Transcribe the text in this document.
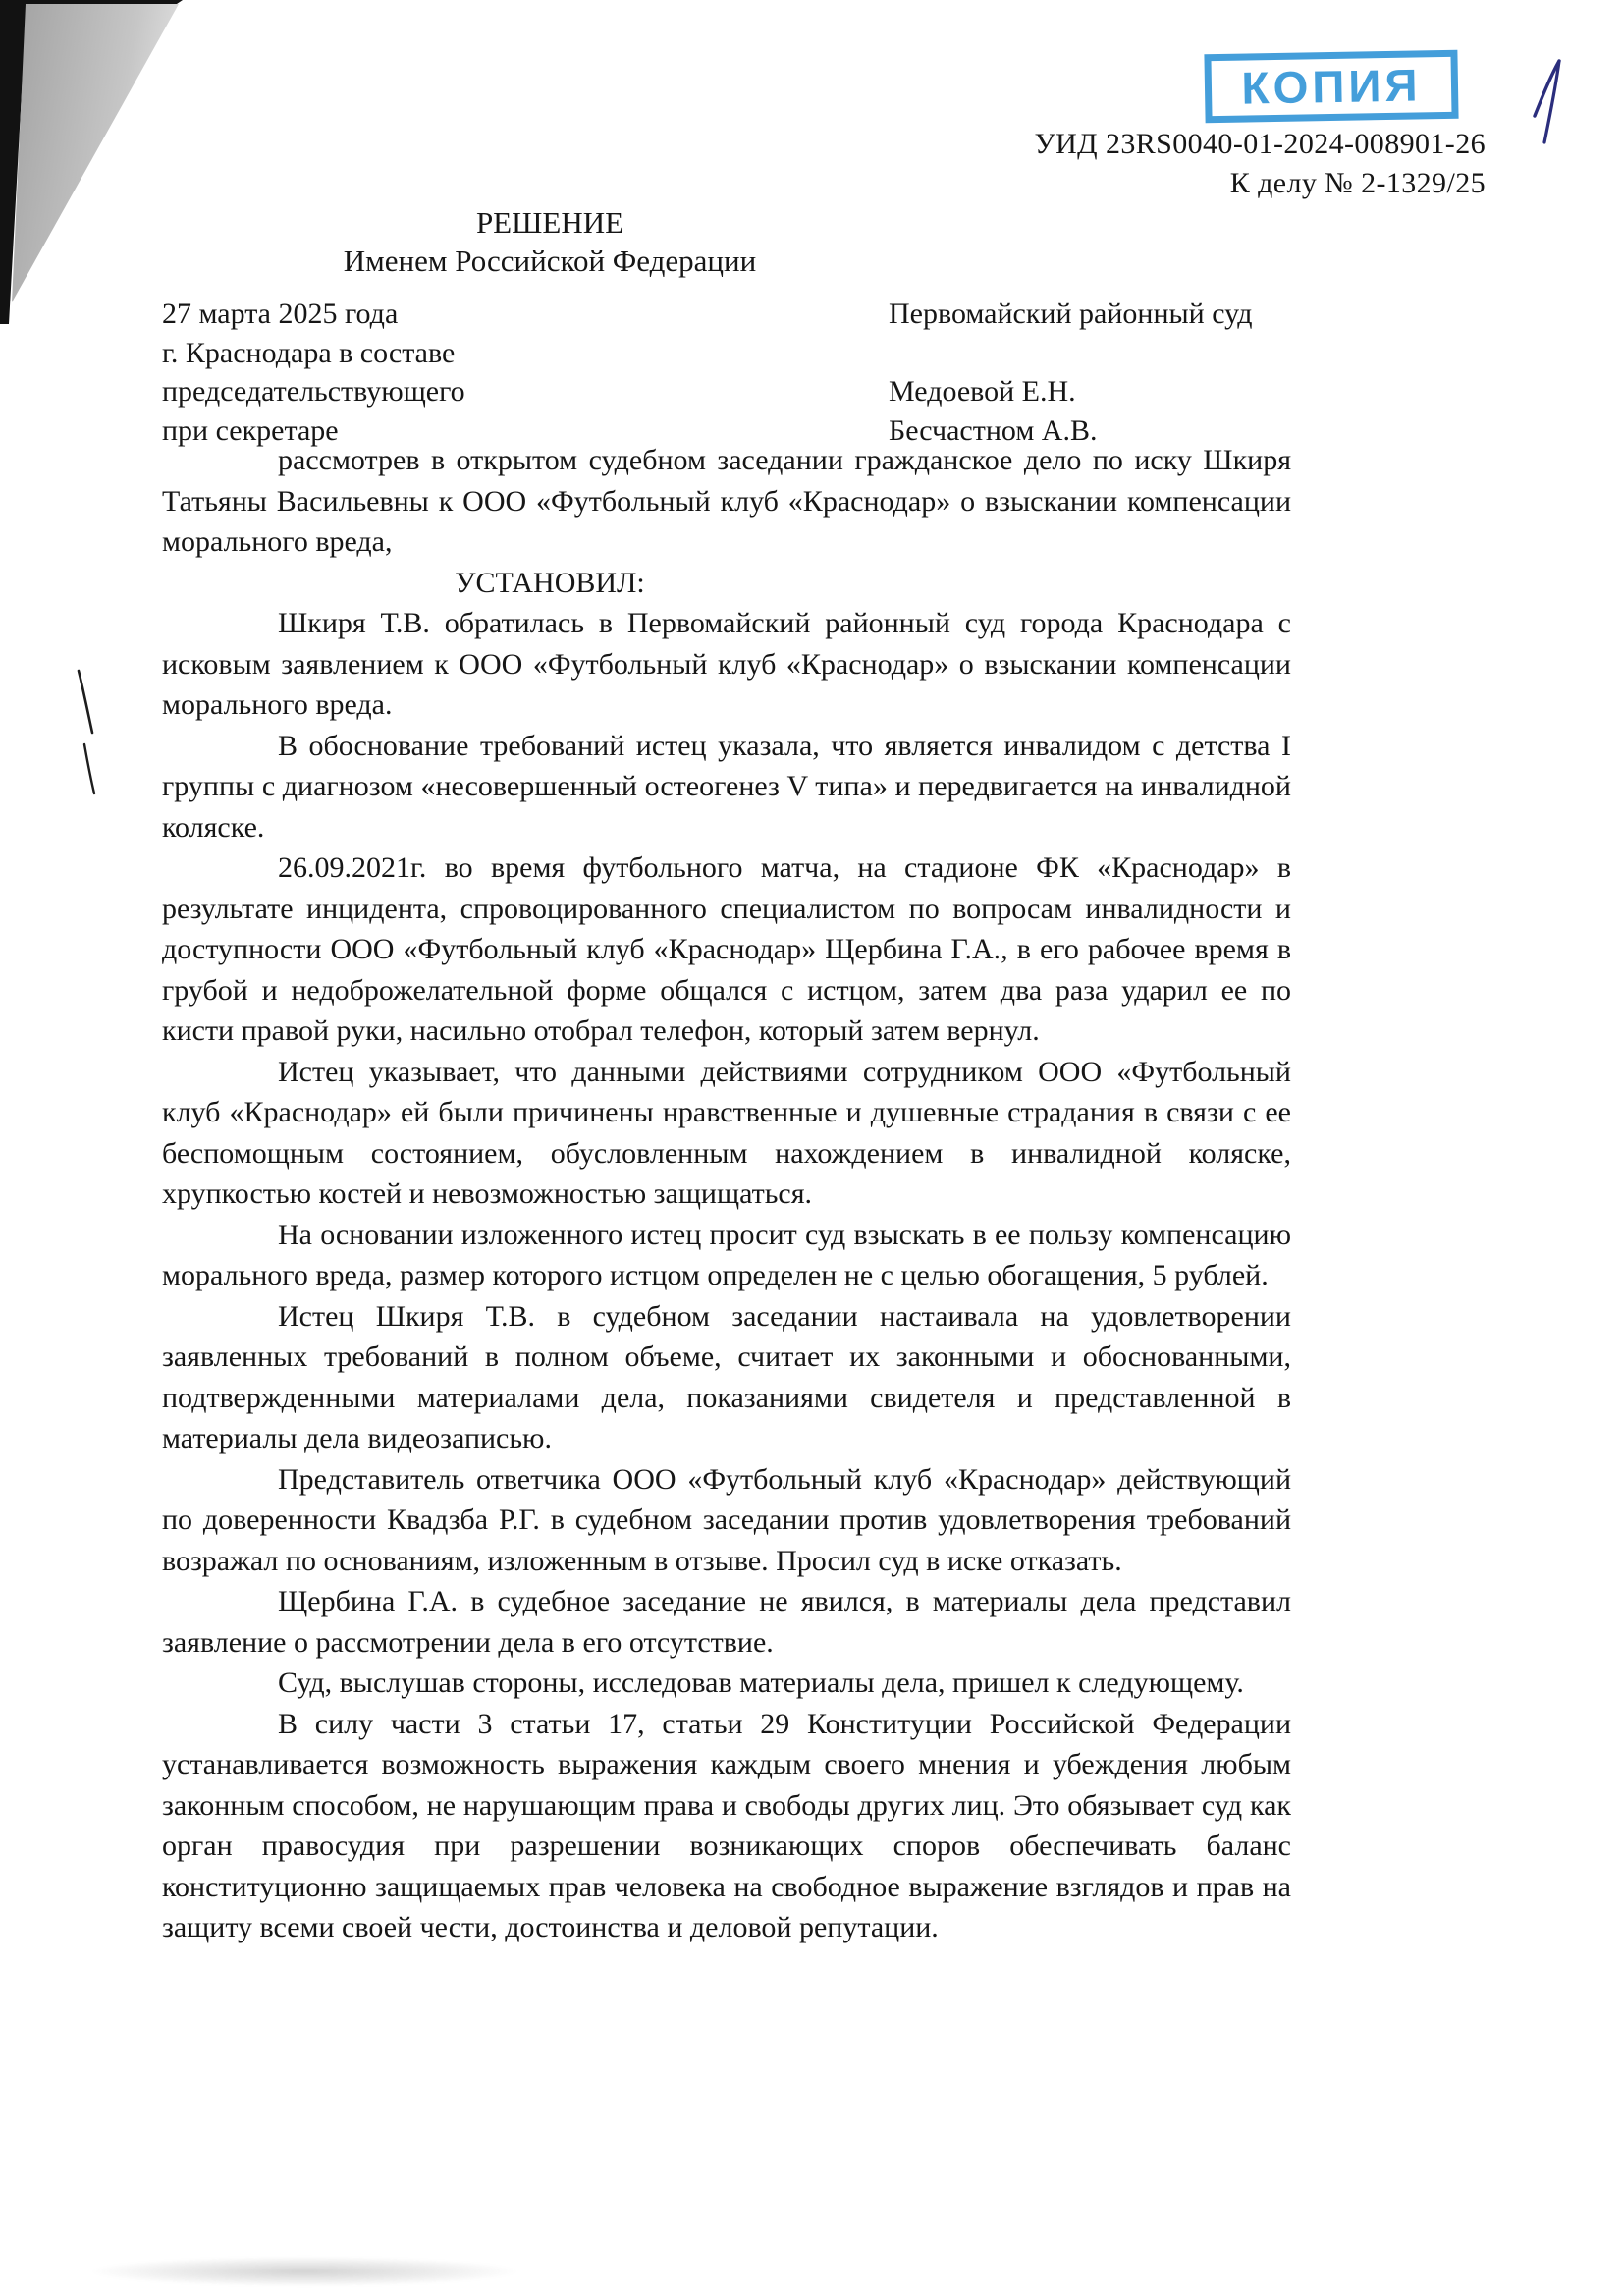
КОПИЯ
УИД 23RS0040-01-2024-008901-26
К делу № 2-1329/25
РЕШЕНИЕ
Именем Российской Федерации
27 марта 2025 года	Первомайский районный суд
г. Краснодара в составе
председательствующего	Медоевой Е.Н.
при секретаре	Бесчастном А.В.

рассмотрев в открытом судебном заседании гражданское дело по иску Шкиря Татьяны Васильевны к ООО «Футбольный клуб «Краснодар» о взыскании компенсации морального вреда,

УСТАНОВИЛ:

Шкиря Т.В. обратилась в Первомайский районный суд города Краснодара с исковым заявлением к ООО «Футбольный клуб «Краснодар» о взыскании компенсации морального вреда.

В обоснование требований истец указала, что является инвалидом с детства I группы с диагнозом «несовершенный остеогенез V типа» и передвигается на инвалидной коляске.

26.09.2021г. во время футбольного матча, на стадионе ФК «Краснодар» в результате инцидента, спровоцированного специалистом по вопросам инвалидности и доступности ООО «Футбольный клуб «Краснодар» Щербина Г.А., в его рабочее время в грубой и недоброжелательной форме общался с истцом, затем два раза ударил ее по кисти правой руки, насильно отобрал телефон, который затем вернул.

Истец указывает, что данными действиями сотрудником ООО «Футбольный клуб «Краснодар» ей были причинены нравственные и душевные страдания в связи с ее беспомощным состоянием, обусловленным нахождением в инвалидной коляске, хрупкостью костей и невозможностью защищаться.

На основании изложенного истец просит суд взыскать в ее пользу компенсацию морального вреда, размер которого истцом определен не с целью обогащения, 5 рублей.

Истец Шкиря Т.В. в судебном заседании настаивала на удовлетворении заявленных требований в полном объеме, считает их законными и обоснованными, подтвержденными материалами дела, показаниями свидетеля и представленной в материалы дела видеозаписью.

Представитель ответчика ООО «Футбольный клуб «Краснодар» действующий по доверенности Квадзба Р.Г. в судебном заседании против удовлетворения требований возражал по основаниям, изложенным в отзыве. Просил суд в иске отказать.

Щербина Г.А. в судебное заседание не явился, в материалы дела представил заявление о рассмотрении дела в его отсутствие.

Суд, выслушав стороны, исследовав материалы дела, пришел к следующему.

В силу части 3 статьи 17, статьи 29 Конституции Российской Федерации устанавливается возможность выражения каждым своего мнения и убеждения любым законным способом, не нарушающим права и свободы других лиц. Это обязывает суд как орган правосудия при разрешении возникающих споров обеспечивать баланс конституционно защищаемых прав человека на свободное выражение взглядов и прав на защиту всеми своей чести, достоинства и деловой репутации.
